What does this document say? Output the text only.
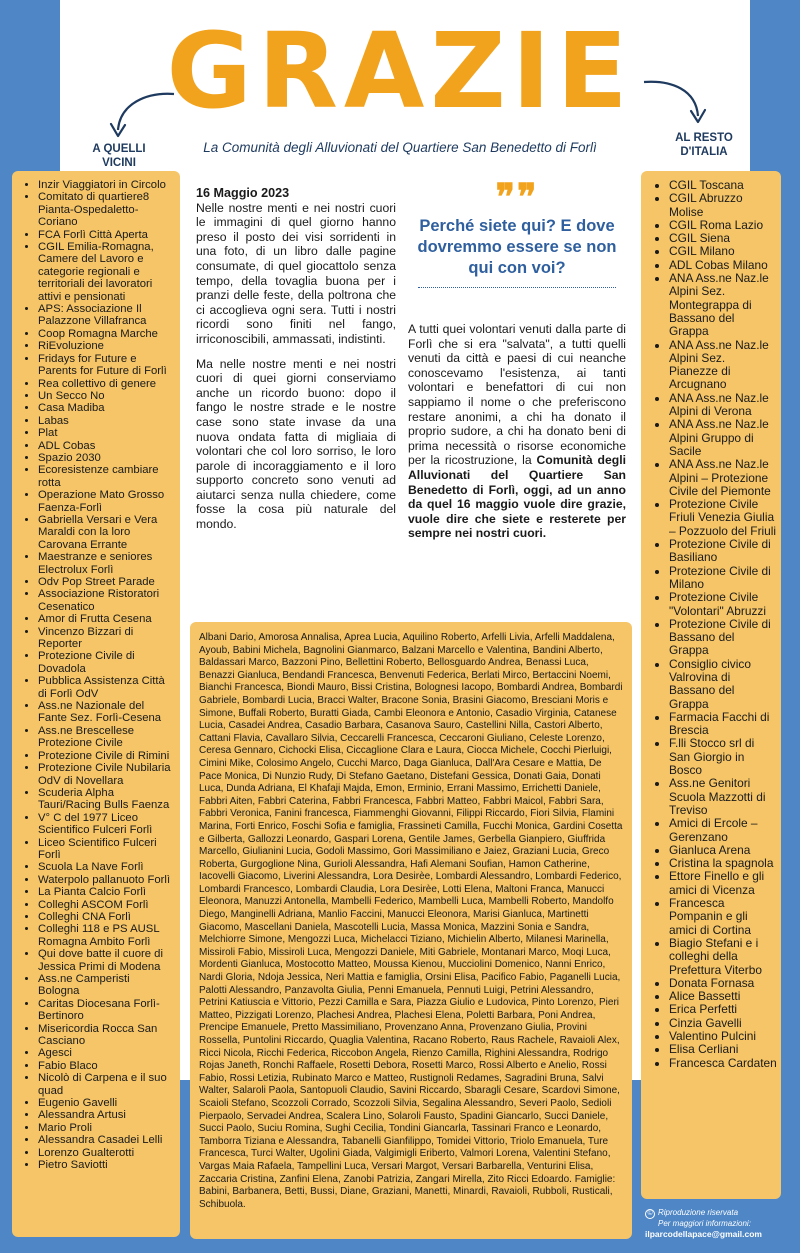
GRAZIE
La Comunità degli Alluvionati del Quartiere San Benedetto di Forlì
A QUELLI VICINI
AL RESTO D'ITALIA
• Inzir Viaggiatori in Circolo
• Comitato di quartiere8 Pianta-Ospedaletto-Coriano
• FCA Forlì Città Aperta
• CGIL Emilia-Romagna, Camere del Lavoro e categorie regionali e territoriali dei lavoratori attivi e pensionati
• APS: Associazione Il Palazzone Villafranca
• Coop Romagna Marche
• RiEvoluzione
• Fridays for Future e Parents for Future di Forlì
• Rea collettivo di genere
• Un Secco No
• Casa Madiba
• Labas
• Plat
• ADL Cobas
• Spazio 2030
• Ecoresistenze cambiare rotta
• Operazione Mato Grosso Faenza-Forlì
• Gabriella Versari e Vera Maraldi con la loro Carovana Errante
• Maestranze e seniores Electrolux Forlì
• Odv Pop Street Parade
• Associazione Ristoratori Cesenatico
• Amor di Frutta Cesena
• Vincenzo Bizzari di Reporter
• Protezione Civile di Dovadola
• Pubblica Assistenza Città di Forlì OdV
• Ass.ne Nazionale del Fante Sez. Forlì-Cesena
• Ass.ne Brescellese Protezione Civile
• Protezione Civile di Rimini
• Protezione Civile Nubilaria OdV di Novellara
• Scuderia Alpha Tauri/Racing Bulls Faenza
• V° C del 1977 Liceo Scientifico Fulceri Forlì
• Liceo Scientifico Fulceri Forlì
• Scuola La Nave Forlì
• Waterpolo pallanuoto Forlì
• La Pianta Calcio Forlì
• Colleghi ASCOM Forlì
• Colleghi CNA Forlì
• Colleghi 118 e PS AUSL Romagna Ambito Forlì
• Qui dove batte il cuore di Jessica Primi di Modena
• Ass.ne Camperisti Bologna
• Caritas Diocesana Forlì-Bertinoro
• Misericordia Rocca San Casciano
• Agesci
• Fabio Blaco
• Nicolò di Carpena e il suo quad
• Eugenio Gavelli
• Alessandra Artusi
• Mario Proli
• Alessandra Casadei Lelli
• Lorenzo Gualterotti
• Pietro Saviotti
• CGIL Toscana
• CGIL Abruzzo Molise
• CGIL Roma Lazio
• CGIL Siena
• CGIL Milano
• ADL Cobas Milano
• ANA Ass.ne Naz.le Alpini Sez. Montegrappa di Bassano del Grappa
• ANA Ass.ne Naz.le Alpini Sez. Pianezze di Arcugnano
• ANA Ass.ne Naz.le Alpini di Verona
• ANA Ass.ne Naz.le Alpini Gruppo di Sacile
• ANA Ass.ne Naz.le Alpini – Protezione Civile del Piemonte
• Protezione Civile Friuli Venezia Giulia – Pozzuolo del Friuli
• Protezione Civile di Basiliano
• Protezione Civile di Milano
• Protezione Civile "Volontari" Abruzzi
• Protezione Civile di Bassano del Grappa
• Consiglio civico Valrovina di Bassano del Grappa
• Farmacia Facchi di Brescia
• F.lli Stocco srl di San Giorgio in Bosco
• Ass.ne Genitori Scuola Mazzotti di Treviso
• Amici di Ercole – Gerenzano
• Gianluca Arena
• Cristina la spagnola
• Ettore Finello e gli amici di Vicenza
• Francesca Pompanin e gli amici di Cortina
• Biagio Stefani e i colleghi della Prefettura Viterbo
• Donata Fornasa
• Alice Bassetti
• Erica Perfetti
• Cinzia Gavelli
• Valentino Pulcini
• Elisa Cerliani
• Francesca Cardaten
16 Maggio 2023

Nelle nostre menti e nei nostri cuori le immagini di quel giorno hanno preso il posto dei visi sorridenti in una foto, di un libro dalle pagine consumate, di quel giocattolo senza tempo, della tovaglia buona per i pranzi delle feste, della poltrona che ci accoglieva ogni sera. Tutti i nostri ricordi sono finiti nel fango, irriconoscibili, ammassati, indistinti.

Ma nelle nostre menti e nei nostri cuori di quei giorni conserviamo anche un ricordo buono: dopo il fango le nostre strade e le nostre case sono state invase da una nuova ondata fatta di migliaia di volontari che col loro sorriso, le loro parole di incoraggiamento e il loro supporto concreto sono venuti ad aiutarci senza nulla chiedere, come fosse la cosa più naturale del mondo.

❞❞
Perché siete qui? E dove dovremmo essere se non qui con voi?
A tutti quei volontari venuti dalla parte di Forlì che si era "salvata", a tutti quelli venuti da città e paesi di cui neanche conoscevamo l'esistenza, ai tanti volontari e benefattori di cui non sappiamo il nome o che preferiscono restare anonimi, a chi ha donato il proprio sudore, a chi ha donato beni di prima necessità o risorse economiche per la ricostruzione, la Comunità degli Alluvionati del Quartiere San Benedetto di Forlì, oggi, ad un anno da quel 16 maggio vuole dire grazie, vuole dire che siete e resterete per sempre nei nostri cuori.
Albani Dario, Amorosa Annalisa, Aprea Lucia, Aquilino Roberto, Arfelli Livia, Arfelli Maddalena, Ayoub, Babini Michela, Bagnolini Gianmarco, Balzani Marcello e Valentina, Bandini Alberto, Baldassari Marco, Bazzoni Pino, Bellettini Roberto, Bellosguardo Andrea, Benassi Luca, Benazzi Gianluca, Bendandi Francesca, Benvenuti Federica, Berlati Mirco, Bertaccini Noemi, Bianchi Francesca, Biondi Mauro, Bissi Cristina, Bolognesi Iacopo, Bombardi Andrea, Bombardi Gabriele, Bombardi Lucia, Bracci Walter, Bracone Sonia, Brasini Giacomo, Bresciani Moris e Simone, Buffali Roberto, Buratti Giada, Cambi Eleonora e Antonio, Casadio Virginia, Catanese Lucia, Casadei Andrea, Casadio Barbara, Casanova Sauro, Castellini Nilla, Castori Alberto, Cattani Flavia, Cavallaro Silvia, Ceccarelli Francesca, Ceccaroni Giuliano, Celeste Lorenzo, Ceresa Gennaro, Cichocki Elisa, Ciccaglione Clara e Laura, Ciocca Michele, Cocchi Pierluigi, Cimini Mike, Colosimo Angelo, Cucchi Marco, Daga Gianluca, Dall'Ara Cesare e Mattia, De Pace Monica, Di Nunzio Rudy, Di Stefano Gaetano, Distefani Gessica, Donati Gaia, Donati Luca, Dunda Adriana, El Khafaji Majda, Emon, Erminio, Errani Massimo, Errichetti Daniele, Fabbri Aiten, Fabbri Caterina, Fabbri Francesca, Fabbri Matteo, Fabbri Maicol, Fabbri Sara, Fabbri Veronica, Fanini francesca, Fiammenghi Giovanni, Filippi Riccardo, Fiori Silvia, Flamini Marina, Forti Enrico, Foschi Sofia e famiglia, Frassineti Camilla, Fucchi Monica, Gardini Cosetta e Gilberta, Gallozzi Leonardo, Gaspari Lorena, Gentile James, Gerbella Gianpiero, Giuffrida Marcello, Giulianini Lucia, Godoli Massimo, Gori Massimiliano e Jaiez, Graziani Lucia, Greco Roberta, Gurgoglione Nina, Gurioli Alessandra, Hafi Alemani Soufian, Hamon Catherine, Iacovelli Giacomo, Liverini Alessandra, Lora Desirèe, Lombardi Alessandro, Lombardi Federico, Lombardi Francesco, Lombardi Claudia, Lora Desirèe, Lotti Elena, Maltoni Franca, Manucci Eleonora, Manuzzi Antonella, Mambelli Federico, Mambelli Luca, Mambelli Roberto, Mandolfo Diego, Manginelli Adriana, Manlio Faccini, Manucci Eleonora, Marisi Gianluca, Martinetti Giacomo, Mascellani Daniela, Mascotelli Lucia, Massa Monica, Mazzini Sonia e Sandra, Melchiorre Simone, Mengozzi Luca, Michelacci Tiziano, Michielin Alberto, Milanesi Marinella, Missiroli Fabio, Missiroli Luca, Mengozzi Daniele, Miti Gabriele, Montanari Marco, Moqi Luca, Mordenti Gianluca, Mostocotto Matteo, Moussa Kienou, Mucciolini Domenico, Nanni Enrico, Nardi Gloria, Ndoja Jessica, Neri Mattia e famiglia, Orsini Elisa, Pacifico Fabio, Paganelli Lucia, Palotti Alessandro, Panzavolta Giulia, Penni Emanuela, Pennuti Luigi, Petrini Alessandro, Petrini Katiuscia e Vittorio, Pezzi Camilla e Sara, Piazza Giulio e Ludovica, Pinto Lorenzo, Pieri Matteo, Pizzigati Lorenzo, Plachesi Andrea, Plachesi Elena, Poletti Barbara, Poni Andrea, Prencipe Emanuele, Pretto Massimiliano, Provenzano Anna, Provenzano Giulia, Provini Rossella, Puntolini Riccardo, Quaglia Valentina, Racano Roberto, Raus Rachele, Ravaioli Alex, Ricci Nicola, Ricchi Federica, Riccobon Angela, Rienzo Camilla, Righini Alessandra, Rodrigo Rojas Janeth, Ronchi Raffaele, Rosetti Debora, Rosetti Marco, Rossi Alberto e Anelio, Rossi Fabio, Rossi Letizia, Rubinato Marco e Matteo, Rustignoli Redames, Sagradini Bruna, Salvi Walter, Salaroli Paola, Santopuoli Claudio, Savini Riccardo, Sbaragli Cesare, Scardovi Simone, Scaioli Stefano, Scozzoli Corrado, Scozzoli Silvia, Segalina Alessandro, Severi Paolo, Sedioli Pierpaolo, Servadei Andrea, Scalera Lino, Solaroli Fausto, Spadini Giancarlo, Succi Daniele, Succi Paolo, Suciu Romina, Sughi Cecilia, Tondini Giancarla, Tassinari Franco e Leonardo, Tamborra Tiziana e Alessandra, Tabanelli Gianfilippo, Tomidei Vittorio, Triolo Emanuela, Ture Francesca, Turci Walter, Ugolini Giada, Valgimigli Eriberto, Valmori Lorena, Valentini Stefano, Vargas Maia Rafaela, Tampellini Luca, Versari Margot, Versari Barbarella, Venturini Elisa, Zaccaria Cristina, Zanfini Elena, Zanobi Patrizia, Zangari Mirella, Zito Ricci Edoardo. Famiglie: Babini, Barbanera, Betti, Bussi, Diane, Graziani, Manetti, Minardi, Ravaioli, Rubboli, Rusticali, Schibuola.
© Riproduzione riservata
Per maggiori informazioni:
ilparcodellapace@gmail.com
